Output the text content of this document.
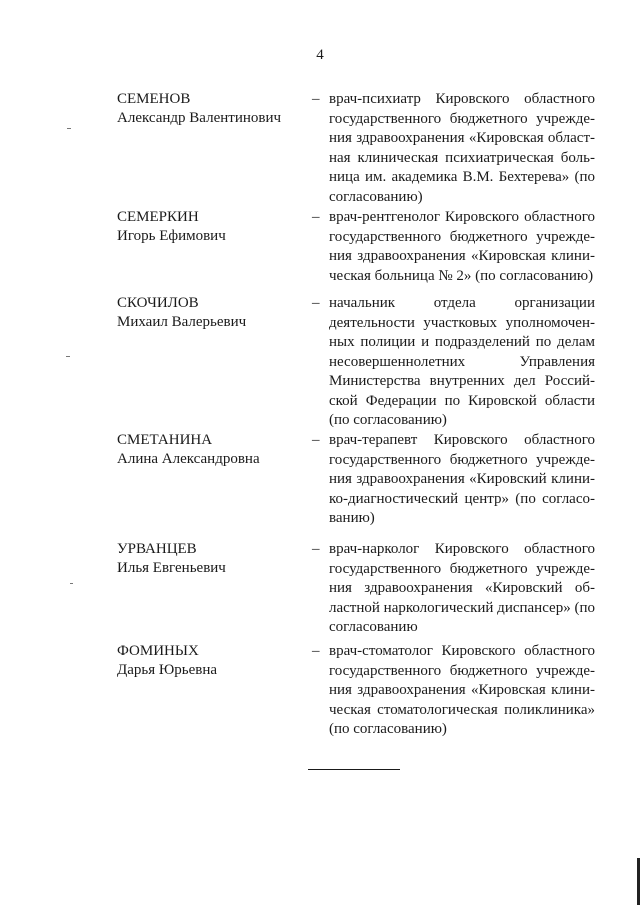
4
СЕМЕНОВ
Александр Валентинович
– врач-психиатр Кировского областного государственного бюджетного учреждения здравоохранения «Кировская областная клиническая психиатрическая больница им. академика В.М. Бехтерева» (по согласованию)
СЕМЕРКИН
Игорь Ефимович
– врач-рентгенолог Кировского областного государственного бюджетного учреждения здравоохранения «Кировская клиническая больница № 2» (по согласованию)
СКОЧИЛОВ
Михаил Валерьевич
– начальник отдела организации деятельности участковых уполномоченных полиции и подразделений по делам несовершеннолетних Управления Министерства внутренних дел Российской Федерации по Кировской области (по согласованию)
СМЕТАНИНА
Алина Александровна
– врач-терапевт Кировского областного государственного бюджетного учреждения здравоохранения «Кировский клинико-диагностический центр» (по согласованию)
УРВАНЦЕВ
Илья Евгеньевич
– врач-нарколог Кировского областного государственного бюджетного учреждения здравоохранения «Кировский областной наркологический диспансер» (по согласованию
ФОМИНЫХ
Дарья Юрьевна
– врач-стоматолог Кировского областного государственного бюджетного учреждения здравоохранения «Кировская клиническая стоматологическая поликлиника» (по согласованию)
